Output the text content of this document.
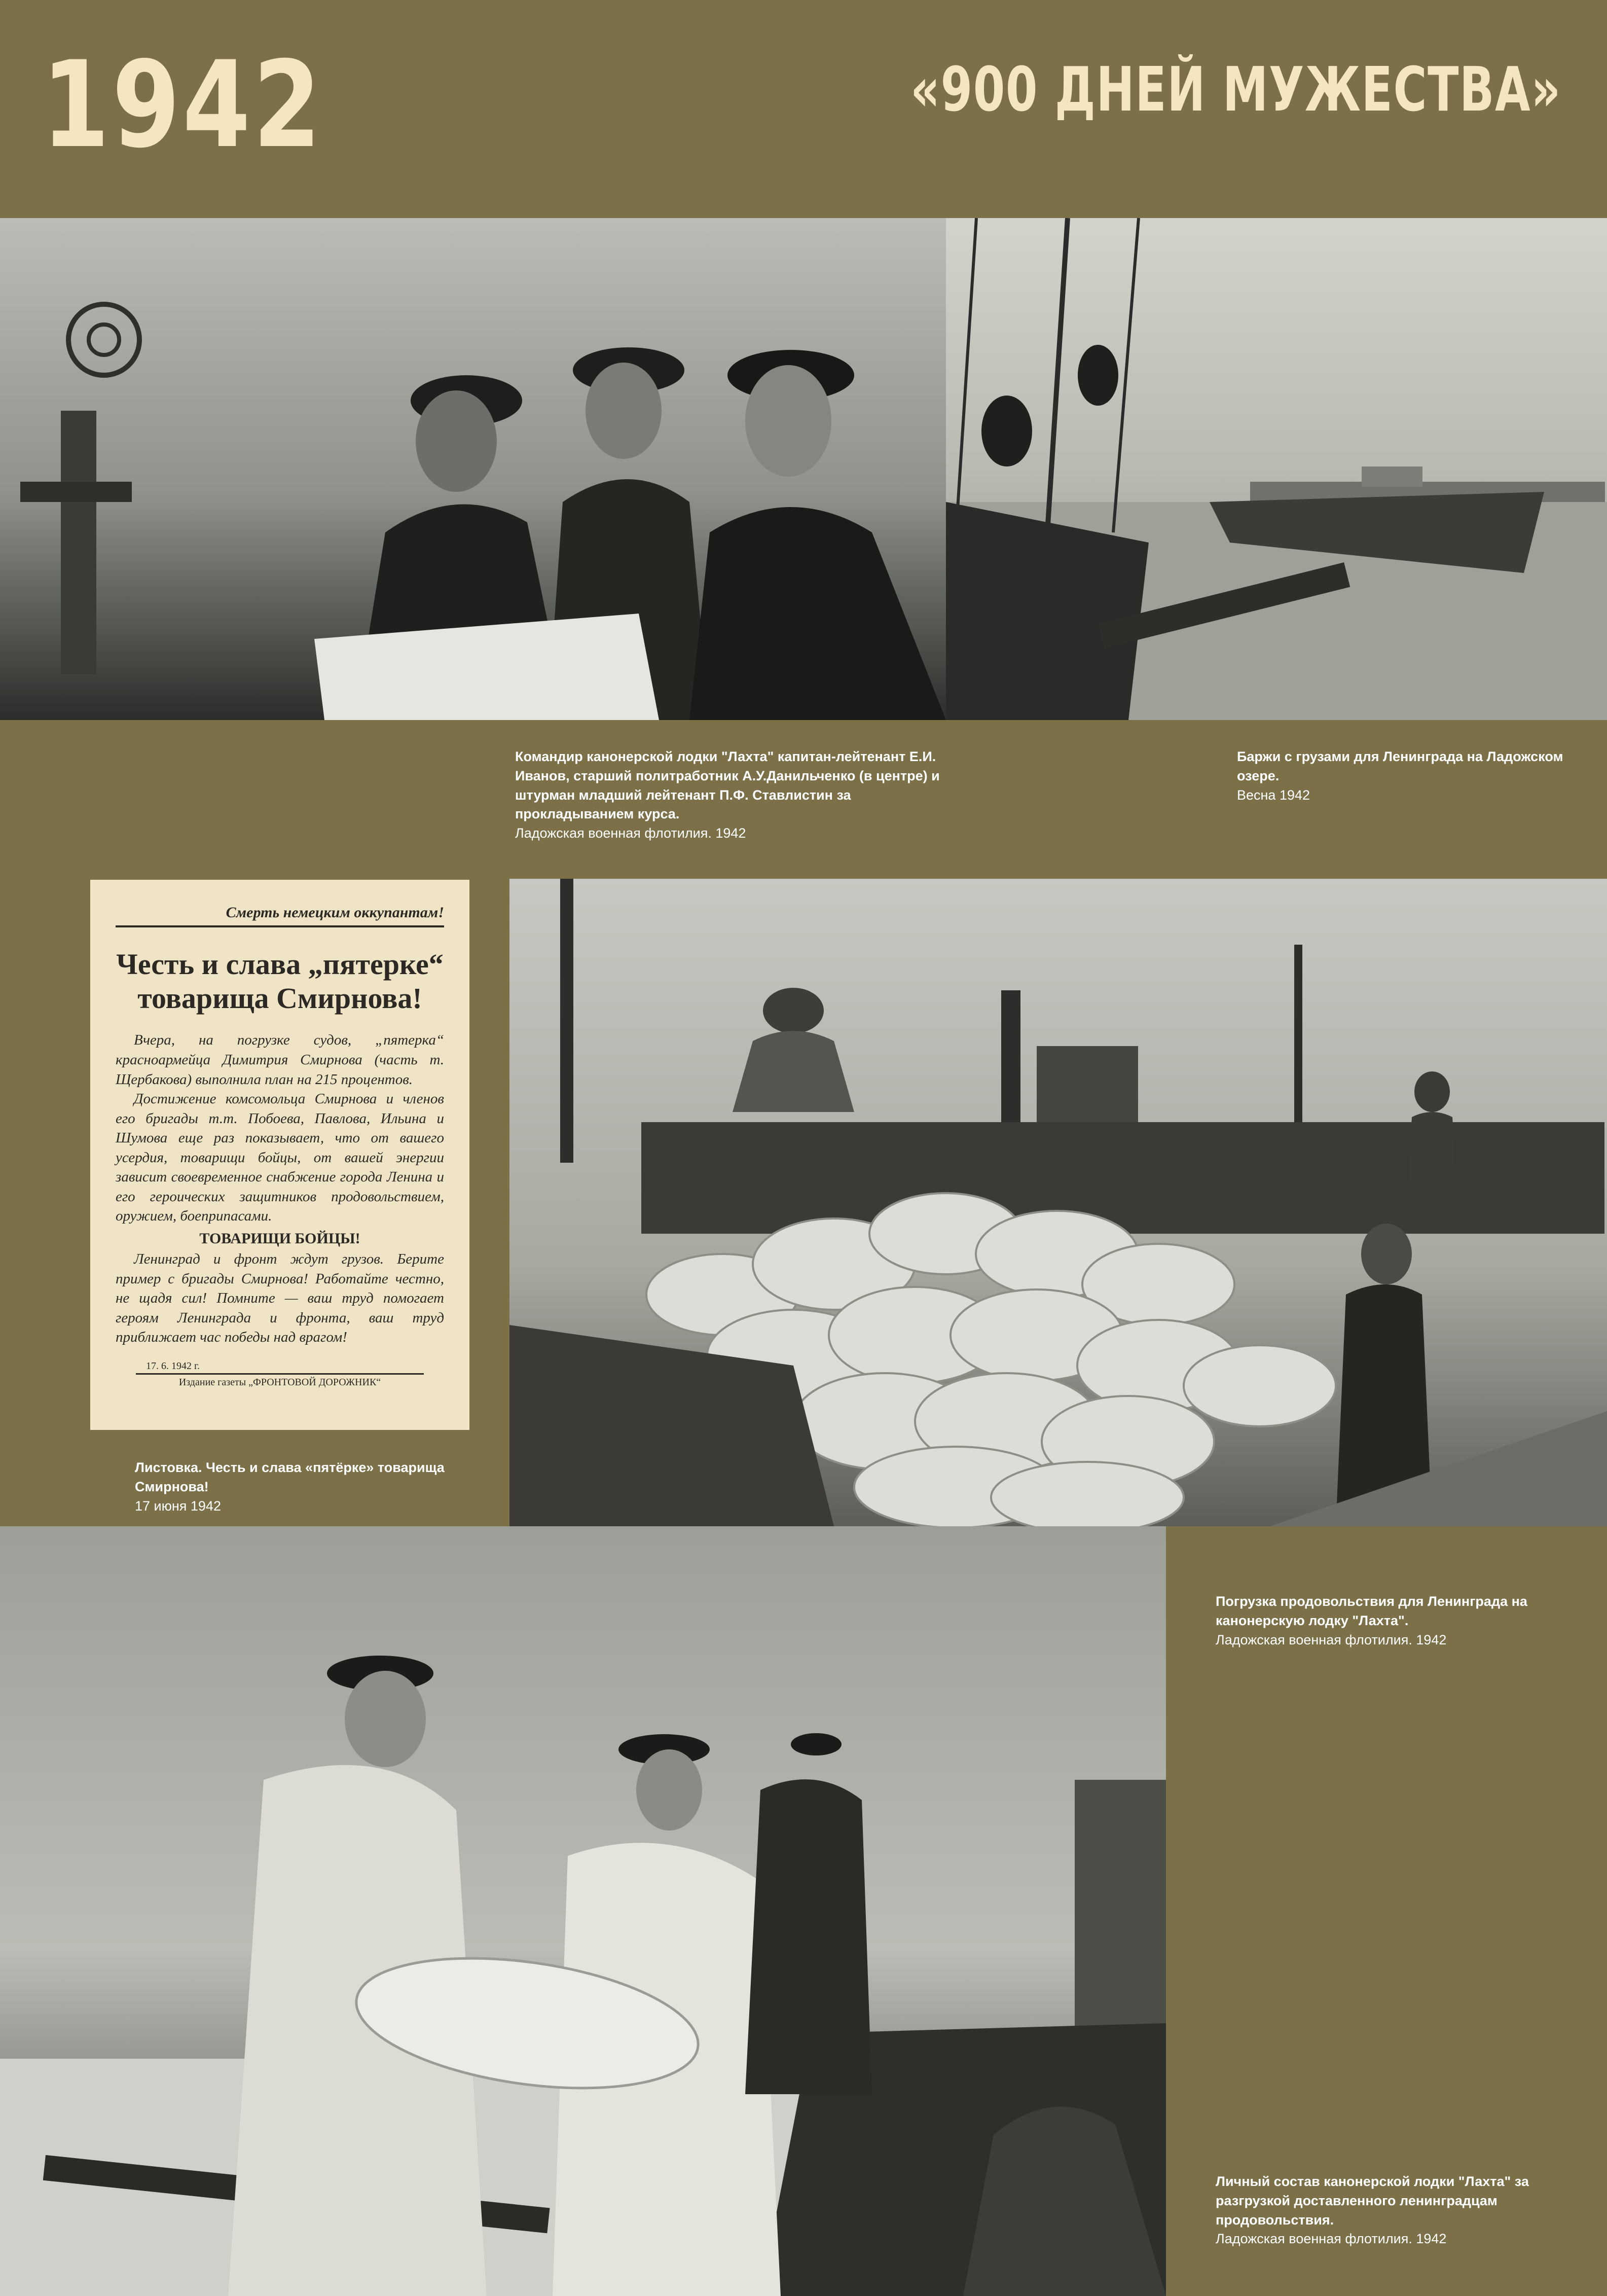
1942	«900 ДНЕЙ МУЖЕСТВА»
Командир канонерской лодки "Лахта" капитан-лейтенант Е.И. Иванов, старший политработник А.У.Данильченко (в центре) и штурман младший лейтенант П.Ф. Ставлистин за прокладыванием курса.
Ладожская военная флотилия. 1942
Баржи с грузами для Ленинграда на Ладожском озере.
Весна 1942
Смерть немецким оккупантам!
Честь и слава „пятерке“
товарища Смирнова!
Вчера, на погрузке судов, „пятерка“ красноармейца Димитрия Смирнова (часть т. Щербакова) выполнила план на 215 процентов.
Достижение комсомольца Смирнова и членов его бригады т.т. Побоева, Павлова, Ильина и Шумова еще раз показывает, что от вашего усердия, товарищи бойцы, от вашей энергии зависит своевременное снабжение города Ленина и его героических защитников продовольствием, оружием, боеприпасами.
ТОВАРИЩИ БОЙЦЫ!
Ленинград и фронт ждут грузов. Берите пример с бригады Смирнова! Работайте честно, не щадя сил! Помните — ваш труд помогает героям Ленинграда и фронта, ваш труд приближает час победы над врагом!
17. 6. 1942 г.
Издание газеты „ФРОНТОВОЙ ДОРОЖНИК“
Листовка. Честь и слава «пятёрке» товарища Смирнова!
17 июня 1942
Погрузка продовольствия для Ленинграда на канонерскую лодку "Лахта".
Ладожская военная флотилия. 1942
Личный состав канонерской лодки "Лахта" за разгрузкой доставленного ленинградцам продовольствия.
Ладожская военная флотилия. 1942
